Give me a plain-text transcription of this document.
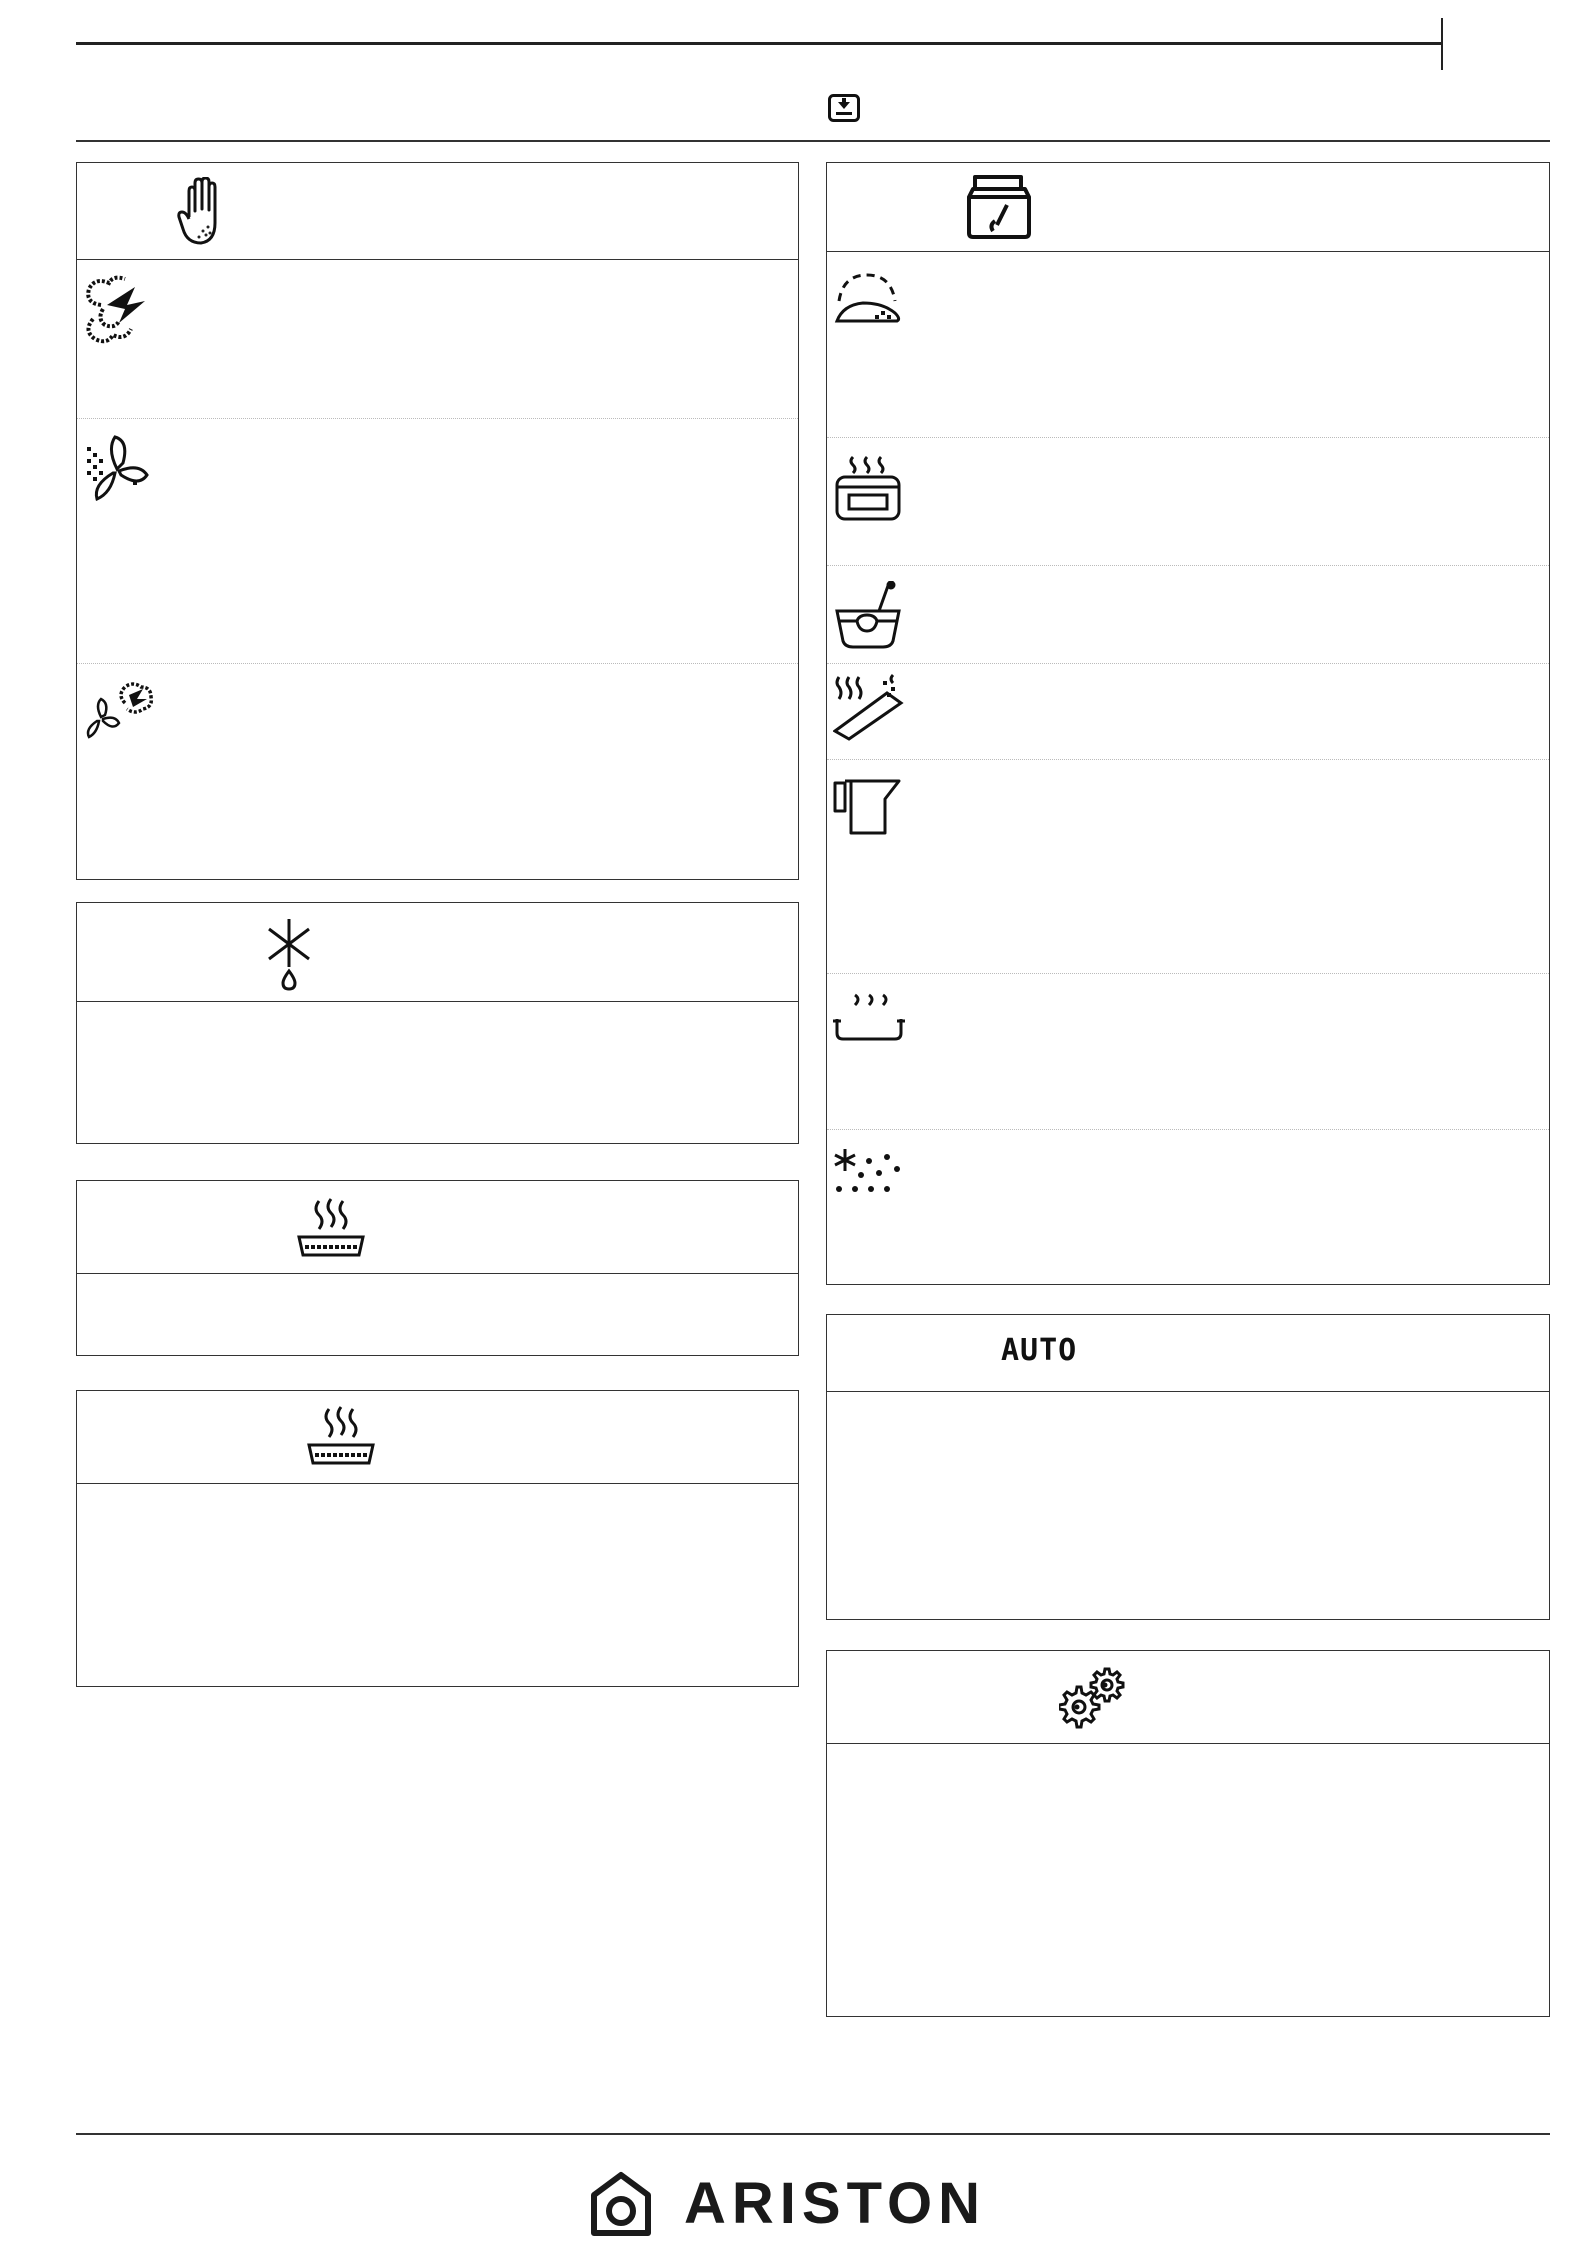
AUTO
ARISTON
